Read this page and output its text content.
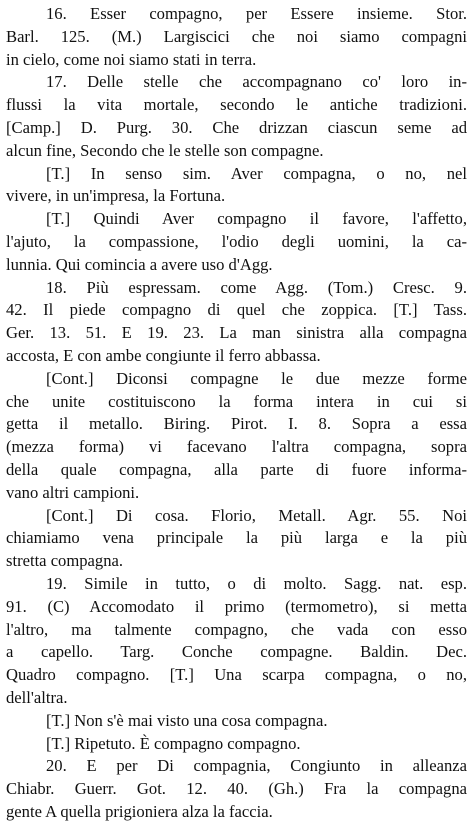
16. Esser compagno, per Essere insieme. Stor.
Barl. 125. (M.) Largiscici che noi siamo compagni
in cielo, come noi siamo stati in terra.
17. Delle stelle che accompagnano co' loro in-
flussi la vita mortale, secondo le antiche tradizioni.
[Camp.] D. Purg. 30. Che drizzan ciascun seme ad
alcun fine, Secondo che le stelle son compagne.
[T.] In senso sim. Aver compagna, o no, nel
vivere, in un'impresa, la Fortuna.
[T.] Quindi Aver compagno il favore, l'affetto,
l'ajuto, la compassione, l'odio degli uomini, la ca-
lunnia. Qui comincia a avere uso d'Agg.
18. Più espressam. come Agg. (Tom.) Cresc. 9.
42. Il piede compagno di quel che zoppica. [T.] Tass.
Ger. 13. 51. E 19. 23. La man sinistra alla compagna
accosta, E con ambe congiunte il ferro abbassa.
[Cont.] Diconsi compagne le due mezze forme
che unite costituiscono la forma intera in cui si
getta il metallo. Biring. Pirot. I. 8. Sopra a essa
(mezza forma) vi facevano l'altra compagna, sopra
della quale compagna, alla parte di fuore informa-
vano altri campioni.
[Cont.] Di cosa. Florio, Metall. Agr. 55. Noi
chiamiamo vena principale la più larga e la più
stretta compagna.
19. Simile in tutto, o di molto. Sagg. nat. esp.
91. (C) Accomodato il primo (termometro), si metta
l'altro, ma talmente compagno, che vada con esso
a capello. Targ. Conche compagne. Baldin. Dec.
Quadro compagno. [T.] Una scarpa compagna, o no,
dell'altra.
[T.] Non s'è mai visto una cosa compagna.
[T.] Ripetuto. È compagno compagno.
20. E per Di compagnia, Congiunto in alleanza
Chiabr. Guerr. Got. 12. 40. (Gh.) Fra la compagna
gente A quella prigioniera alza la faccia.
